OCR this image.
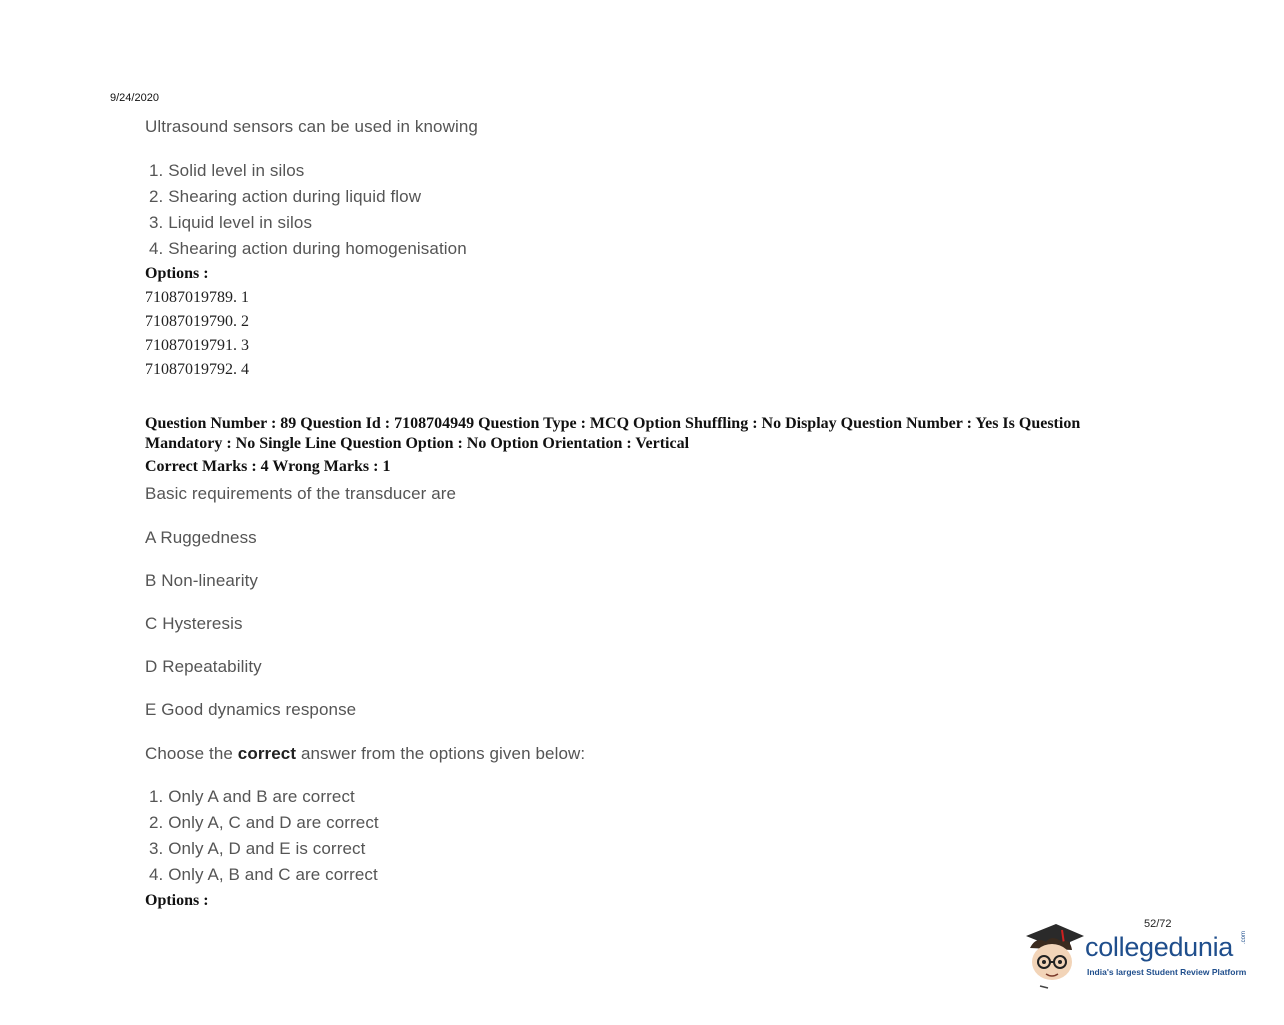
9/24/2020
Ultrasound sensors can be used in knowing
1. Solid level in silos
2. Shearing action during liquid flow
3. Liquid level in silos
4. Shearing action during homogenisation
Options :
71087019789. 1
71087019790. 2
71087019791. 3
71087019792. 4
Question Number : 89 Question Id : 7108704949 Question Type : MCQ Option Shuffling : No Display Question Number : Yes Is Question Mandatory : No Single Line Question Option : No Option Orientation : Vertical
Correct Marks : 4 Wrong Marks : 1
Basic requirements of the transducer are
A Ruggedness
B Non-linearity
C Hysteresis
D Repeatability
E Good dynamics response
Choose the correct answer from the options given below:
1. Only A and B are correct
2. Only A, C and D are correct
3. Only A, D and E is correct
4. Only A, B and C are correct
Options :
52/72
collegedunia .com
India's largest Student Review Platform
